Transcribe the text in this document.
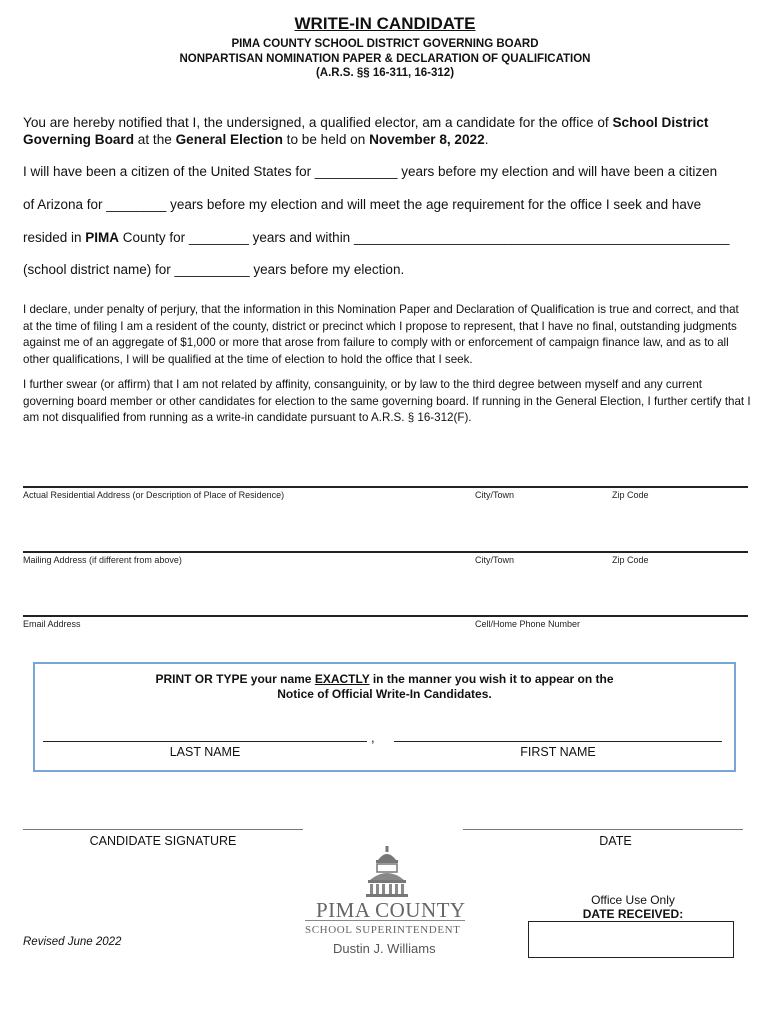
WRITE-IN CANDIDATE
PIMA COUNTY SCHOOL DISTRICT GOVERNING BOARD
NONPARTISAN NOMINATION PAPER & DECLARATION OF QUALIFICATION
(A.R.S. §§ 16-311, 16-312)
You are hereby notified that I, the undersigned, a qualified elector, am a candidate for the office of School District Governing Board at the General Election to be held on November 8, 2022.
I will have been a citizen of the United States for ___________ years before my election and will have been a citizen
of Arizona for ________ years before my election and will meet the age requirement for the office I seek and have
resided in PIMA County for ________ years and within __________________________________________________
(school district name) for __________ years before my election.
I declare, under penalty of perjury, that the information in this Nomination Paper and Declaration of Qualification is true and correct, and that at the time of filing I am a resident of the county, district or precinct which I propose to represent, that I have no final, outstanding judgments against me of an aggregate of $1,000 or more that arose from failure to comply with or enforcement of campaign finance law, and as to all other qualifications, I will be qualified at the time of election to hold the office that I seek.
I further swear (or affirm) that I am not related by affinity, consanguinity, or by law to the third degree between myself and any current governing board member or other candidates for election to the same governing board. If running in the General Election, I further certify that I am not disqualified from running as a write-in candidate pursuant to A.R.S. § 16-312(F).
Actual Residential Address (or Description of Place of Residence)	City/Town	Zip Code
Mailing Address (if different from above)	City/Town	Zip Code
Email Address	Cell/Home Phone Number
PRINT OR TYPE your name EXACTLY in the manner you wish it to appear on the
Notice of Official Write-In Candidates.
,
LAST NAME	FIRST NAME
CANDIDATE SIGNATURE	DATE
PIMA COUNTY
SCHOOL SUPERINTENDENT
Dustin J. Williams
Office Use Only
DATE RECEIVED:
Revised June 2022
